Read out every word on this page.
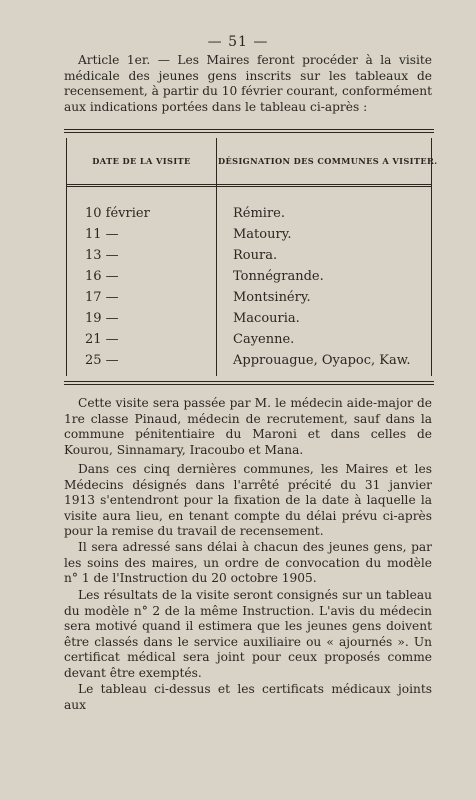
— 51 —

Article 1er. — Les Maires feront procéder à la visite médicale des jeunes gens inscrits sur les tableaux de recensement, à partir du 10 février courant, conformément aux indications portées dans le tableau ci-après :

DATE DE LA VISITE	DÉSIGNATION DES COMMUNES A VISITER.
10 février	Rémire.
11 —	Matoury.
13 —	Roura.
16 —	Tonnégrande.
17 —	Montsinéry.
19 —	Macouria.
21 —	Cayenne.
25 —	Approuague, Oyapoc, Kaw.

Cette visite sera passée par M. le médecin aide-major de 1re classe Pinaud, médecin de recrutement, sauf dans la commune pénitentiaire du Maroni et dans celles de Kourou, Sinnamary, Iracoubo et Mana.

Dans ces cinq dernières communes, les Maires et les Médecins désignés dans l'arrêté précité du 31 janvier 1913 s'entendront pour la fixation de la date à laquelle la visite aura lieu, en tenant compte du délai prévu ci-après pour la remise du travail de recensement.

Il sera adressé sans délai à chacun des jeunes gens, par les soins des maires, un ordre de convocation du modèle n° 1 de l'Instruction du 20 octobre 1905.

Les résultats de la visite seront consignés sur un tableau du modèle n° 2 de la même Instruction. L'avis du médecin sera motivé quand il estimera que les jeunes gens doivent être classés dans le service auxiliaire ou « ajournés ». Un certificat médical sera joint pour ceux proposés comme devant être exemptés.

Le tableau ci-dessus et les certificats médicaux joints aux
